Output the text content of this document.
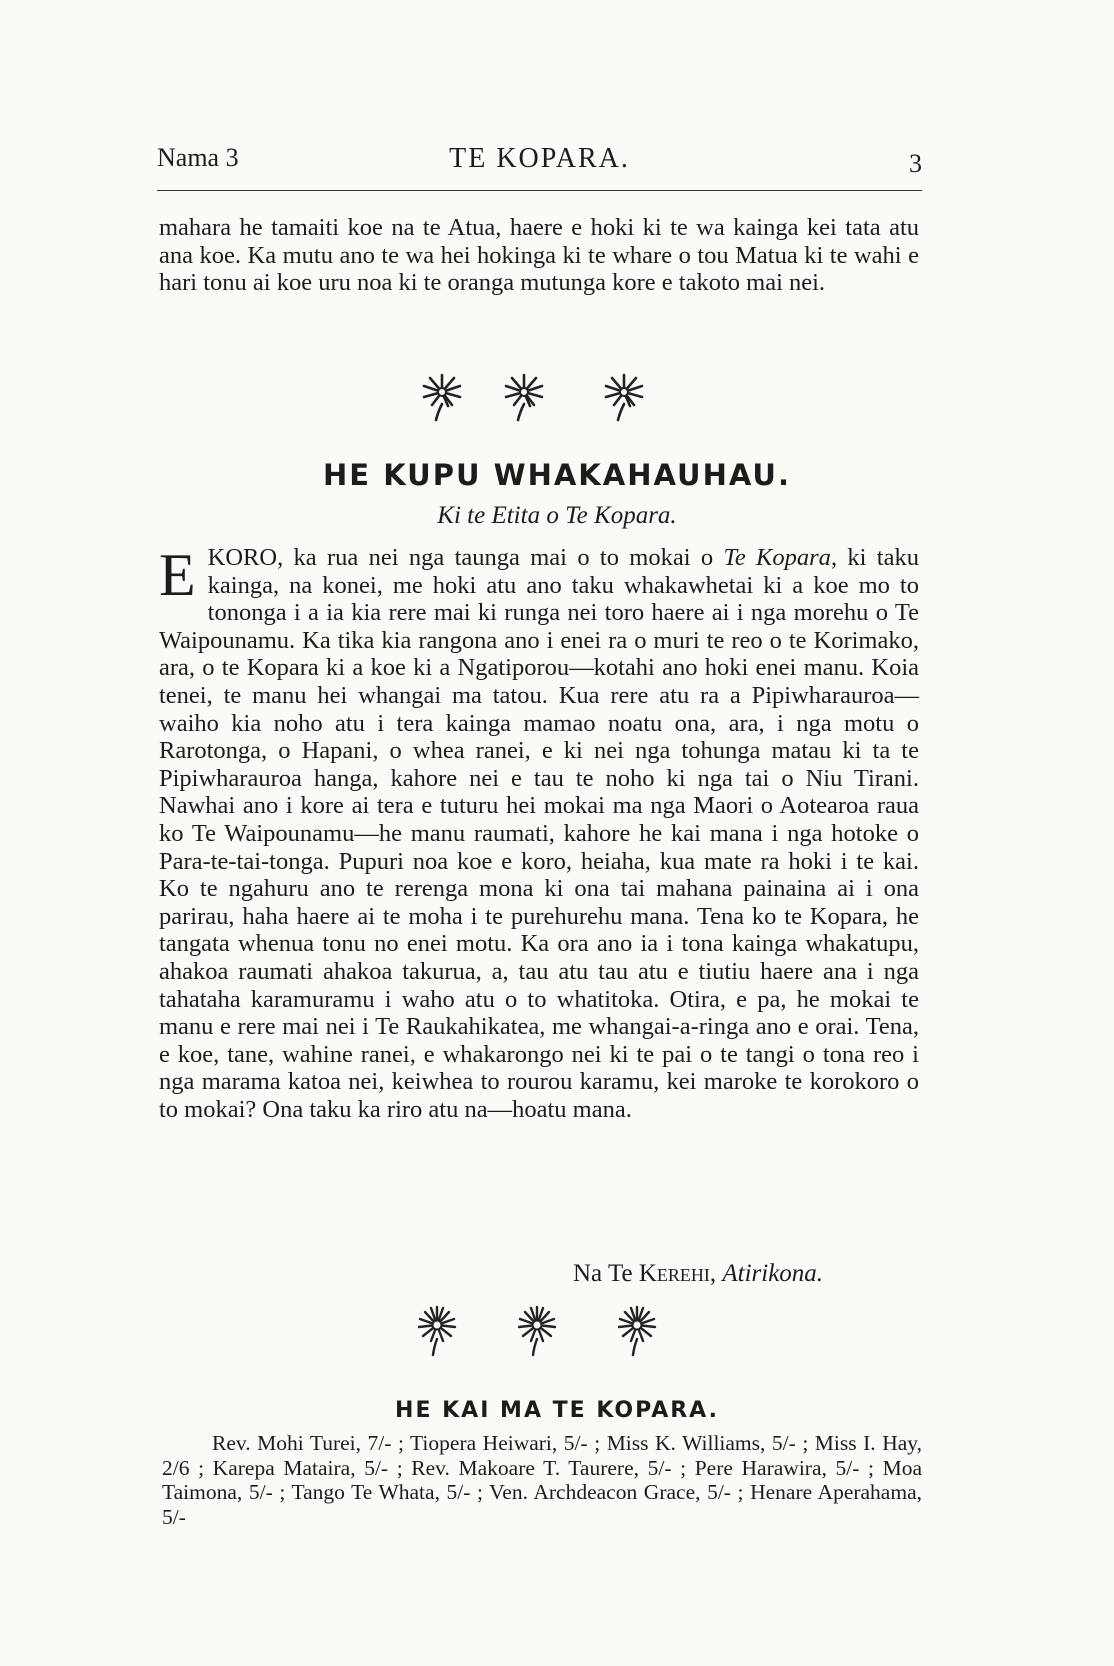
Nama 3	TE KOPARA.	3

mahara he tamaiti koe na te Atua, haere e hoki ki te wa kainga kei tata atu ana koe. Ka mutu ano te wa hei hokinga ki te whare o tou Matua ki te wahi e hari tonu ai koe uru noa ki te oranga mutunga kore e takoto mai nei.

HE KUPU WHAKAHAUHAU.
Ki te Etita o Te Kopara.

E KORO, ka rua nei nga taunga mai o to mokai o Te Kopara, ki taku kainga, na konei, me hoki atu ano taku whakawhetai ki a koe mo to tononga i a ia kia rere mai ki runga nei toro haere ai i nga morehu o Te Waipounamu. Ka tika kia rangona ano i enei ra o muri te reo o te Korimako, ara, o te Kopara ki a koe ki a Ngatiporou—kotahi ano hoki enei manu. Koia tenei, te manu hei whangai ma tatou. Kua rere atu ra a Pipiwharauroa— waiho kia noho atu i tera kainga mamao noatu ona, ara, i nga motu o Rarotonga, o Hapani, o whea ranei, e ki nei nga tohunga matau ki ta te Pipiwharauroa hanga, kahore nei e tau te noho ki nga tai o Niu Tirani. Nawhai ano i kore ai tera e tuturu hei mokai ma nga Maori o Aotearoa raua ko Te Waipounamu—he manu raumati, kahore he kai mana i nga hotoke o Para-te-tai-tonga. Pupuri noa koe e koro, heiaha, kua mate ra hoki i te kai. Ko te ngahuru ano te rerenga mona ki ona tai mahana painaina ai i ona parirau, haha haere ai te moha i te purehurehu mana. Tena ko te Kopara, he tangata whenua tonu no enei motu. Ka ora ano ia i tona kainga whakatupu, ahakoa raumati ahakoa takurua, a, tau atu tau atu e tiutiu haere ana i nga tahataha karamuramu i waho atu o to whatitoka. Otira, e pa, he mokai te manu e rere mai nei i Te Raukahikatea, me whangai-a-ringa ano e orai. Tena, e koe, tane, wahine ranei, e whakarongo nei ki te pai o te tangi o tona reo i nga marama katoa nei, keiwhea to rourou karamu, kei maroke te korokoro o to mokai? Ona taku ka riro atu na—hoatu mana.

Na Te Kerehi, Atirikona.
HE KAI MA TE KOPARA.

Rev. Mohi Turei, 7/- ; Tiopera Heiwari, 5/- ; Miss K. Williams, 5/- ; Miss I. Hay, 2/6 ; Karepa Mataira, 5/- ; Rev. Makoare T. Taurere, 5/- ; Pere Harawira, 5/- ; Moa Taimona, 5/- ; Tango Te Whata, 5/- ; Ven. Archdeacon Grace, 5/- ; Henare Aperahama, 5/-
